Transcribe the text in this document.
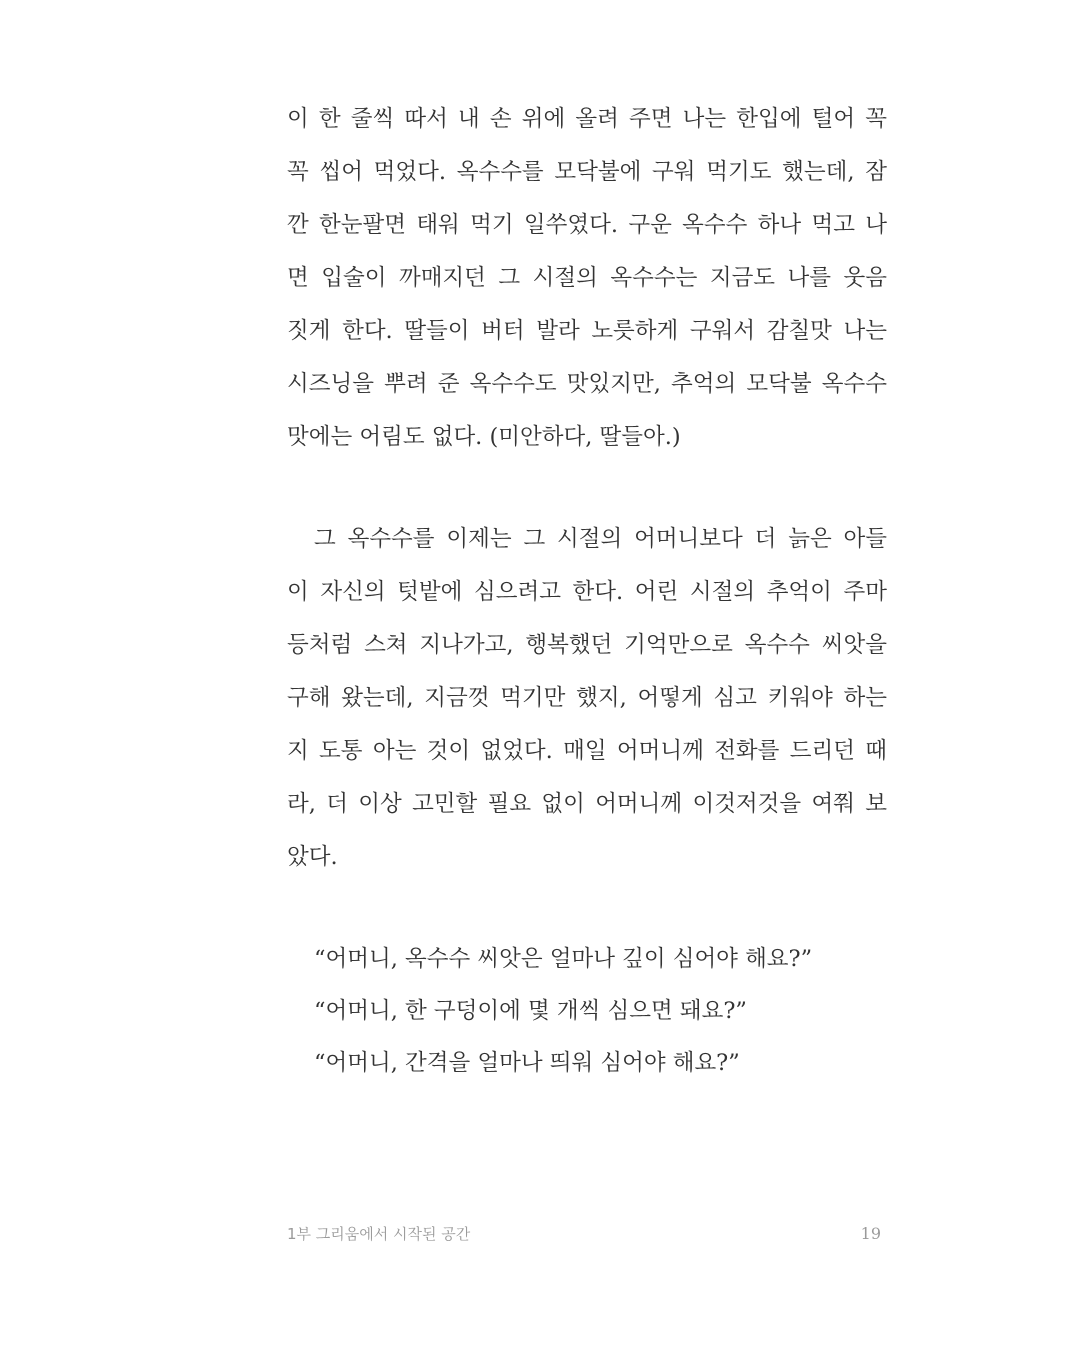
이 한 줄씩 따서 내 손 위에 올려 주면 나는 한입에 털어 꼭
꼭 씹어 먹었다. 옥수수를 모닥불에 구워 먹기도 했는데, 잠
깐 한눈팔면 태워 먹기 일쑤였다. 구운 옥수수 하나 먹고 나
면 입술이 까매지던 그 시절의 옥수수는 지금도 나를 웃음
짓게 한다. 딸들이 버터 발라 노릇하게 구워서 감칠맛 나는
시즈닝을 뿌려 준 옥수수도 맛있지만, 추억의 모닥불 옥수수
맛에는 어림도 없다. (미안하다, 딸들아.)
그 옥수수를 이제는 그 시절의 어머니보다 더 늙은 아들
이 자신의 텃밭에 심으려고 한다. 어린 시절의 추억이 주마
등처럼 스쳐 지나가고, 행복했던 기억만으로 옥수수 씨앗을
구해 왔는데, 지금껏 먹기만 했지, 어떻게 심고 키워야 하는
지 도통 아는 것이 없었다. 매일 어머니께 전화를 드리던 때
라, 더 이상 고민할 필요 없이 어머니께 이것저것을 여쭤 보
았다.
“어머니, 옥수수 씨앗은 얼마나 깊이 심어야 해요?”
“어머니, 한 구덩이에 몇 개씩 심으면 돼요?”
“어머니, 간격을 얼마나 띄워 심어야 해요?”
1부 그리움에서 시작된 공간	19
